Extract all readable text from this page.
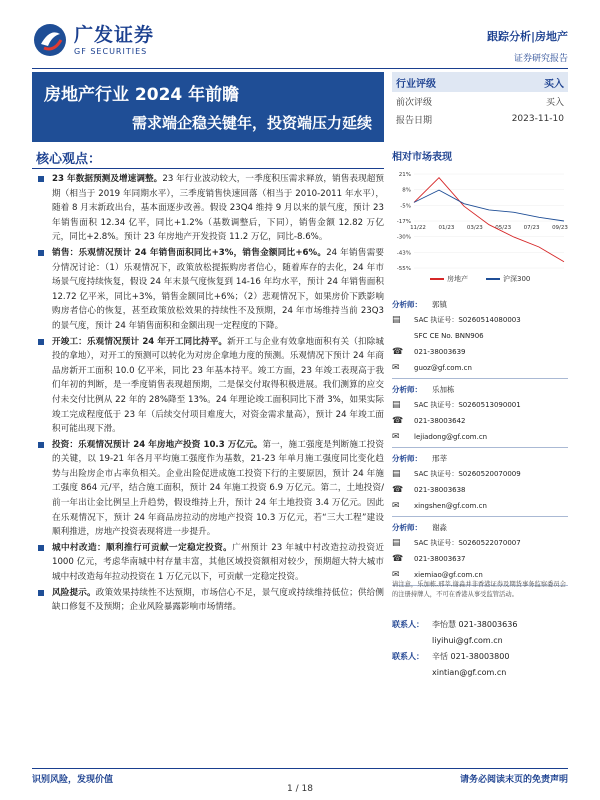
广发证券
GF SECURITIES
跟踪分析|房地产
证券研究报告
房地产行业 2024 年前瞻
需求端企稳关键年，投资端压力延续
行业评级	买入
前次评级	买入
报告日期	2023-11-10
核心观点：
23 年数据预测及增速调整。23 年行业波动较大，一季度积压需求释放，销售表现超预期（相当于 2019 年同期水平），三季度销售快速回落（相当于 2010-2011 年水平），随着 8 月末新政出台，基本面逐步改善。假设 23Q4 维持 9 月以来的景气度，预计 23 年销售面积 12.34 亿平，同比+1.2%（基数调整后，下同），销售金额 12.82 万亿元，同比+2.8%。预计 23 年房地产开发投资 11.2 万亿，同比-8.6%。
销售：乐观情况预计 24 年销售面积同比+3%，销售金额同比+6%。24 年销售需要分情况讨论：（1）乐观情况下，政策放松提振购房者信心，随着库存的去化，24 年市场景气度持续恢复，假设 24 年末景气度恢复到 14-16 年均水平，预计 24 年销售面积 12.72 亿平米，同比+3%，销售金额同比+6%；（2）悲观情况下，如果房价下跌影响购房者信心的恢复，甚至政策放松效果的持续性不及预期，24 年市场维持当前 23Q3 的景气度，预计 24 年销售面积和金额出现一定程度的下降。
开竣工：乐观情况预计 24 年开工同比持平。新开工与企业有效拿地面积有关（扣除城投的拿地），对开工的预测可以转化为对房企拿地力度的预测。乐观情况下预计 24 年商品房新开工面积 10.0 亿平米，同比 23 年基本持平。竣工方面，23 年竣工表现高于我们年初的判断，是一季度销售表现超预期，二是保交付取得积极进展。我们测算的应交付未交付比例从 22 年的 28%降至 13%。24 年理论竣工面积同比下滑 3%，如果实际竣工完成程度低于 23 年（后续交付项目难度大，对资金需求量高），预计 24 年竣工面积可能出现下滑。
投资：乐观情况预计 24 年房地产投资 10.3 万亿元。第一，施工强度是判断施工投资的关键，以 19-21 年各月平均施工强度作为基数，21-23 年单月施工强度同比变化趋势与出险房企市占率负相关。企业出险促进成施工投资下行的主要原因，预计 24 年施工强度 864 元/平，结合施工面积，预计 24 年施工投资 6.9 万亿元。第二，土地投资/前一年出让金比例呈上升趋势，假设维持上升，预计 24 年土地投资 3.4 万亿元。因此在乐观情况下，预计 24 年商品房拉动的房地产投资 10.3 万亿元，若“三大工程”建设顺利推进，房地产投资表现将进一步提升。
城中村改造：顺利推行可贡献一定稳定投资。广州预计 23 年城中村改造拉动投资近 1000 亿元，考虑华南城中村存量丰富，其他区域投资额相对较少，预期超大特大城市城中村改造每年拉动投资在 1 万亿元以下，可贡献一定稳定投资。
风险提示。政策效果持续性不达预期，市场信心不足，景气度或持续维持低位；供给侧缺口修复不及预期；企业风险暴露影响市场情绪。
相对市场表现
21%
8%
-5%
-17%
-30%
-43%
-55%
11/22 01/23 03/23 05/23 07/23 09/23
房地产	沪深300
分析师：	郭镇
▤	SAC 执证号：S0260514080003
SFC CE No. BNN906
☎	021-38003639
✉	guoz@gf.com.cn
分析师：	乐加栋
▤	SAC 执证号：S0260513090001
☎	021-38003642
✉	lejiadong@gf.com.cn
分析师：	邢莘
▤	SAC 执证号：S0260520070009
☎	021-38003638
✉	xingshen@gf.com.cn
分析师：	谢淼
▤	SAC 执证号：S0260522070007
☎	021-38003637
✉	xiemiao@gf.com.cn
请注意，乐加栋,邢莘,谢淼并非香港证券及期货事务监察委员会的注册持牌人，不可在香港从事受监管活动。
联系人：	李怡慧 021-38003636
liyihui@gf.com.cn
联系人：	辛恬 021-38003800
xintian@gf.com.cn
识别风险，发现价值	请务必阅读末页的免责声明
1 / 18
